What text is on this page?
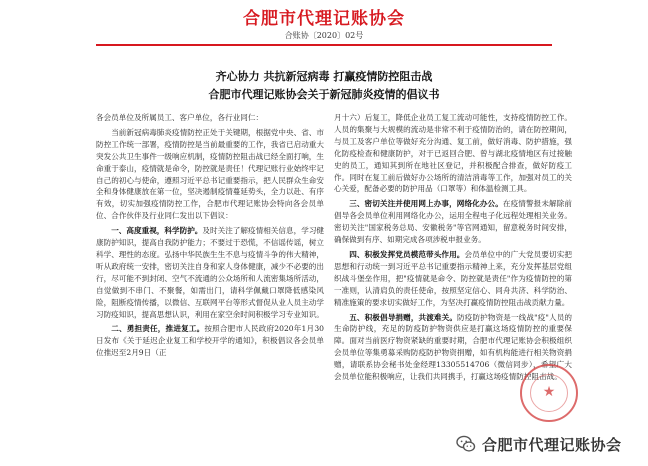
合肥市代理记账协会
合账协〔2020〕02号
齐心协力 共抗新冠病毒 打赢疫情防控阻击战
合肥市代理记账协会关于新冠肺炎疫情的倡议书

各会员单位及所属员工、客户单位，各行业同仁：

当前新冠病毒肺炎疫情防控正处于关键期，根据党中央、省、市防控工作统一部署，疫情防控是当前最重要的工作，我省已启动重大突发公共卫生事件一级响应机制，疫情防控阻击战已经全面打响，生命重于泰山，疫情就是命令，防控就是责任！代理记账行业始终牢记自己的初心与使命，遵照习近平总书记重要指示，把人民群众生命安全和身体健康放在第一位，坚决遏制疫情蔓延势头，全力以赴、有序有效，切实加强疫情防控工作，合肥市代理记账协会特向各会员单位、合作伙伴及行业同仁发出以下倡议：

一、高度重视，科学防护。及时关注了解疫情相关信息，学习健康防护知识，提高自我防护能力；不要过于恐慌，不信谣传谣，树立科学、理性的态度。弘扬中华民族生生不息与疫情斗争的伟大精神，听从政府统一安排，密切关注自身和家人身体健康，减少不必要的出行，尽可能不到封闭、空气不流通的公众场所和人流密集场所活动，自觉做到不串门、不聚餐，如需出门，请科学佩戴口罩降低感染风险，阻断疫情传播，以微信、互联网平台等形式督促从业人员主动学习防疫知识，提高思想认识，利用在家空余时间积极学习专业知识。

二、勇担责任，推进复工。按照合肥市人民政府2020年1月30日发布《关于延迟企业复工和学校开学的通知》，积极倡议各会员单位推迟至2月9日（正

月十六）后复工，降低企业员工复工流动可能性，支持疫情防控工作。人员的集聚与大规模的流动是非常不利于疫情防治的，请在防控期间，与员工及客户单位等做好充分沟通、复工前，做好消毒、防护措施，强化防疫检查和健康防护，对于已返回合肥、曾与湖北疫情地区有过接触史的员工，通知其到所在地社区登记，并积极配合排查，做好防疫工作。同时在复工前后做好办公场所的清洁消毒等工作，加强对员工的关心关爱，配备必要的防护用品（口罩等）和体温检测工具。

三、密切关注并使用网上办事，网络化办公。在疫情警报未解除前倡导各会员单位利用网络化办公，运用全程电子化远程处理相关业务。密切关注"国家税务总局、安徽税务"等官网通知，留意税务时间安排，确保做到有序、如期完成各项涉税申报业务。

四、积极发挥党员模范带头作用。会员单位中的广大党员要切实把思想和行动统一到习近平总书记重要指示精神上来，充分发挥基层党组织战斗堡垒作用，把"疫情就是命令、防控就是责任"作为疫情防控的第一准则，认清肩负的责任使命，按照坚定信心、同舟共济、科学防治、精准施策的要求切实做好工作，为坚决打赢疫情防控阻击战贡献力量。

五、积极倡导捐赠，共渡难关。防疫防护物资是一线战"疫"人员的生命防护线，充足的防疫防护物资供应是打赢这场疫情防控的重要保障。面对当前医疗物资紧缺的重要时期，合肥市代理记账协会积极组织会员单位等集勇募采购防疫防护物资捐赠，如有机构能进行相关物资捐赠，请联系协会秘书处金经理13305514706（微信同步），希望广大会员单位能积极响应，让我们共同携手，打赢这场疫情防控阻击战。

★
合肥市代理记账协会
